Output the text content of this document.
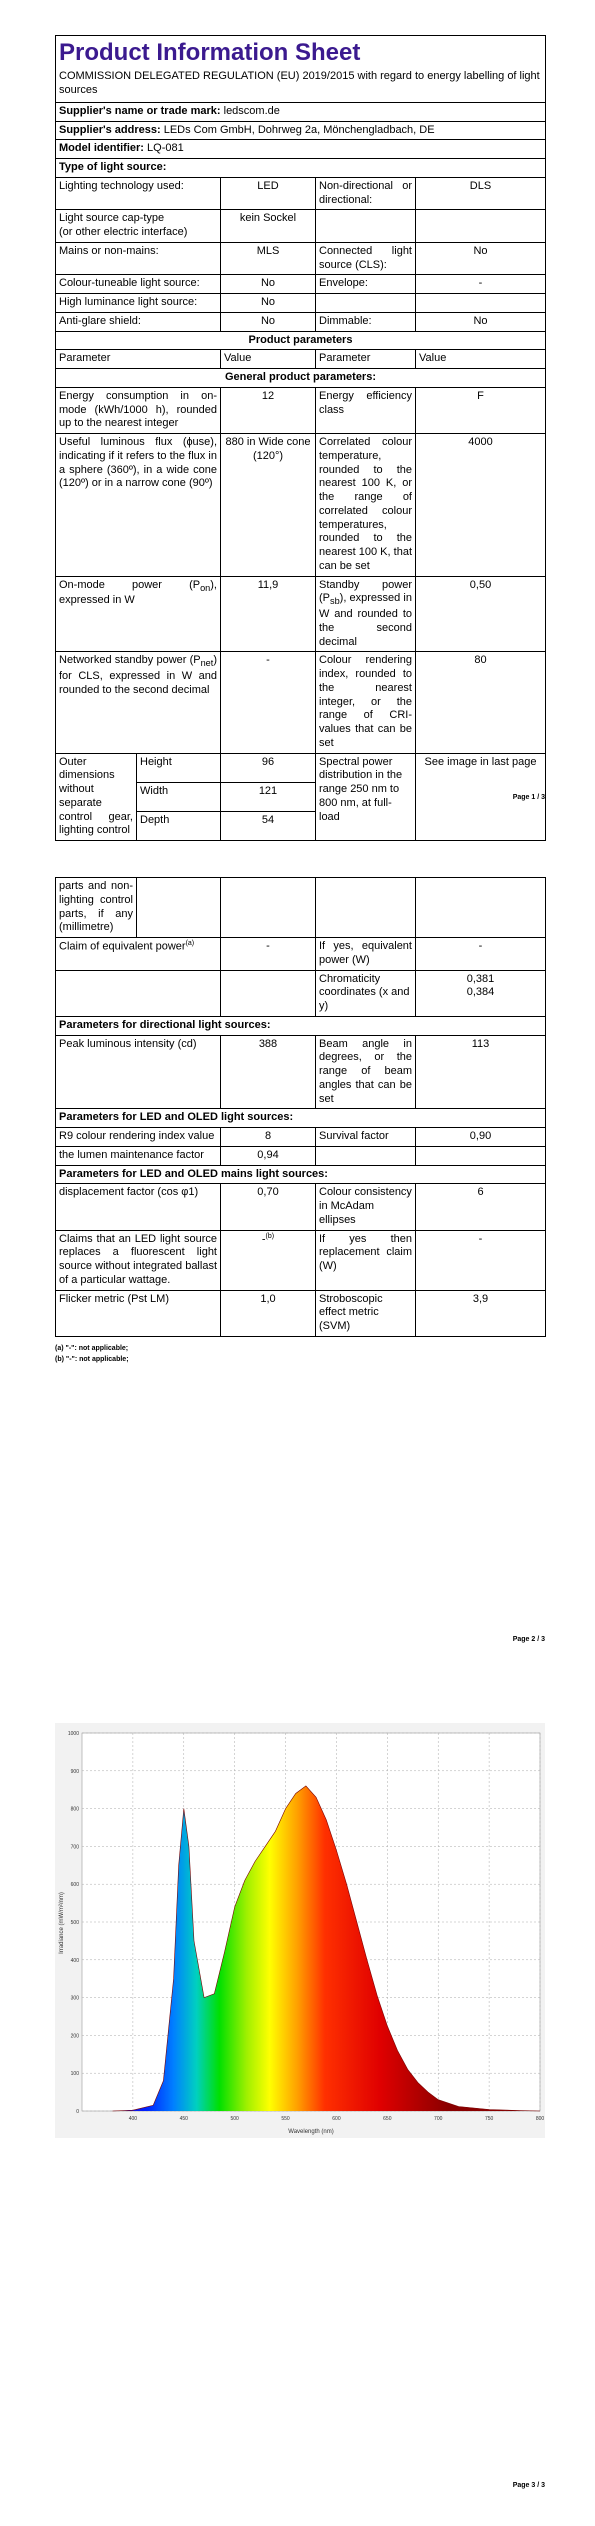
Product Information Sheet				
COMMISSION DELEGATED REGULATION (EU) 2019/2015 with regard to energy labelling of light sources				
Supplier's name or trade mark: ledscom.de				
Supplier's address: LEDs Com GmbH, Dohrweg 2a, Mönchengladbach, DE				
Model identifier: LQ-081				
Type of light source:				
Lighting technology used:		LED	Non-directional or directional:	DLS

Light source cap-type
(or other electric interface)		kein Sockel		
Mains or non-mains:		MLS	Connected light source (CLS):	No
Colour-tuneable light source:		No	Envelope:	-
High luminance light source:		No		
Anti-glare shield:		No	Dimmable:	No
Product parameters				
Parameter		Value	Parameter	Value
General product parameters:				
Energy consumption in on-mode (kWh/1000 h), rounded up to the nearest integer		12	Energy efficiency class	F
Useful luminous flux (ɸuse), indicating if it refers to the flux in a sphere (360º), in a wide cone (120º) or in a narrow cone (90º)		880 in Wide cone (120°)	Correlated colour temperature, rounded to the nearest 100 K, or the range of correlated colour temperatures, rounded to the nearest 100 K, that can be set	4000
On-mode power $(P_{on})$, expressed in W		11,9	Standby power $(P_{sb})$, expressed in W and rounded to the second decimal	0,50
Networked standby power $(P_{net})$ for CLS, expressed in W and rounded to the second decimal		-	Colour rendering index, rounded to the nearest integer, or the range of CRI-values that can be set	80
Outer dimensions without separate control gear, lighting control	Height	96	Spectral power distribution in the range 250 nm to 800 nm, at full-load	See image in last page
	Width	121		
	Depth	54		
Page 1 / 3
parts and non-lighting control parts, if any (millimetre)				
Claim of equivalent power$^{(a)}$		-	If yes, equivalent power (W)	-
			Chromaticity coordinates (x and y)	0,381
0,384

Parameters for directional light sources:				
Peak luminous intensity (cd)		388	Beam angle in degrees, or the range of beam angles that can be set	113
Parameters for LED and OLED light sources:				
R9 colour rendering index value		8	Survival factor	0,90
the lumen maintenance factor		0,94		
Parameters for LED and OLED mains light sources:				
displacement factor (cos φ1)		0,70	Colour consistency in McAdam ellipses	6
Claims that an LED light source replaces a fluorescent light source without integrated ballast of a particular wattage.		-$^{(b)}$	If yes then replacement claim (W)	-
Flicker metric (Pst LM)		1,0	Stroboscopic effect metric (SVM)	3,9
(a) "-": not applicable;
(b) "-": not applicable;
Page 2 / 3
400	450	500	550	600	650	700	750	800
0
100
200
300
400
500
600
700
800
900
1000
Wavelength (nm)
Irradiance (mW/m²/nm)
Page 3 / 3
